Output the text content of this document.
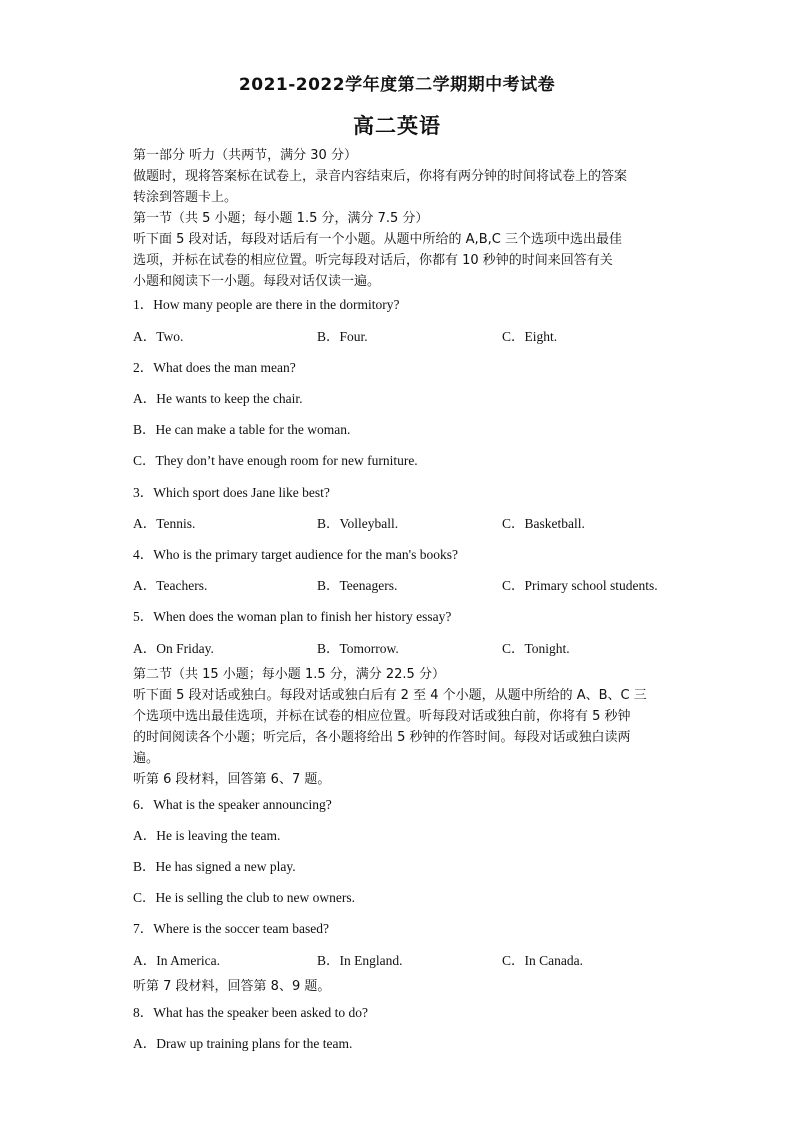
2021-2022学年度第二学期期中考试卷
高二英语
第一部分 听力（共两节，满分 30 分）
做题时，现将答案标在试卷上，录音内容结束后，你将有两分钟的时间将试卷上的答案
转涂到答题卡上。
第一节（共 5 小题；每小题 1.5 分，满分 7.5 分）
听下面 5 段对话，每段对话后有一个小题。从题中所给的 A,B,C 三个选项中选出最佳
选项，并标在试卷的相应位置。听完每段对话后，你都有 10 秒钟的时间来回答有关
小题和阅读下一小题。每段对话仅读一遍。
1．How many people are there in the dormitory?
A．Two.	B．Four.	C．Eight.
2．What does the man mean?
A．He wants to keep the chair.
B．He can make a table for the woman.
C．They don’t have enough room for new furniture.
3．Which sport does Jane like best?
A．Tennis.	B．Volleyball.	C．Basketball.
4．Who is the primary target audience for the man's books?
A．Teachers.	B．Teenagers.	C．Primary school students.
5．When does the woman plan to finish her history essay?
A．On Friday.	B．Tomorrow.	C．Tonight.
第二节（共 15 小题；每小题 1.5 分，满分 22.5 分）
听下面 5 段对话或独白。每段对话或独白后有 2 至 4 个小题，从题中所给的 A、B、C 三
个选项中选出最佳选项，并标在试卷的相应位置。听每段对话或独白前，你将有 5 秒钟
的时间阅读各个小题；听完后，各小题将给出 5 秒钟的作答时间。每段对话或独白读两
遍。
听第 6 段材料，回答第 6、7 题。
6．What is the speaker announcing?
A．He is leaving the team.
B．He has signed a new play.
C．He is selling the club to new owners.
7．Where is the soccer team based?
A．In America.	B．In England.	C．In Canada.
听第 7 段材料，回答第 8、9 题。
8．What has the speaker been asked to do?
A．Draw up training plans for the team.
